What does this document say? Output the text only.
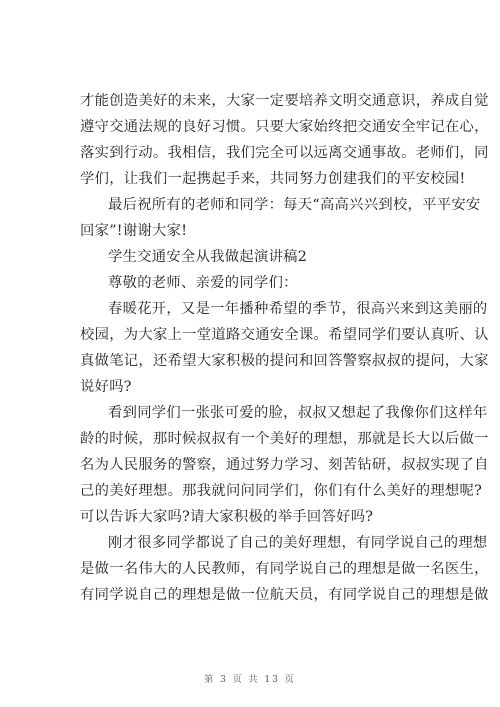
才能创造美好的未来，大家一定要培养文明交通意识，养成自觉
遵守交通法规的良好习惯。只要大家始终把交通安全牢记在心，
落实到行动。我相信，我们完全可以远离交通事故。老师们，同
学们，让我们一起携起手来，共同努力创建我们的平安校园!
最后祝所有的老师和同学：每天“高高兴兴到校，平平安安
回家”!谢谢大家!
学生交通安全从我做起演讲稿2
尊敬的老师、亲爱的同学们：
春暖花开，又是一年播种希望的季节，很高兴来到这美丽的
校园，为大家上一堂道路交通安全课。希望同学们要认真听、认
真做笔记，还希望大家积极的提问和回答警察叔叔的提问，大家
说好吗?
看到同学们一张张可爱的脸，叔叔又想起了我像你们这样年
龄的时候，那时候叔叔有一个美好的理想，那就是长大以后做一
名为人民服务的警察，通过努力学习、刻苦钻研，叔叔实现了自
己的美好理想。那我就问问同学们，你们有什么美好的理想呢?
可以告诉大家吗?请大家积极的举手回答好吗?
刚才很多同学都说了自己的美好理想，有同学说自己的理想
是做一名伟大的人民教师，有同学说自己的理想是做一名医生，
有同学说自己的理想是做一位航天员，有同学说自己的理想是做
第 3 页 共 13 页
